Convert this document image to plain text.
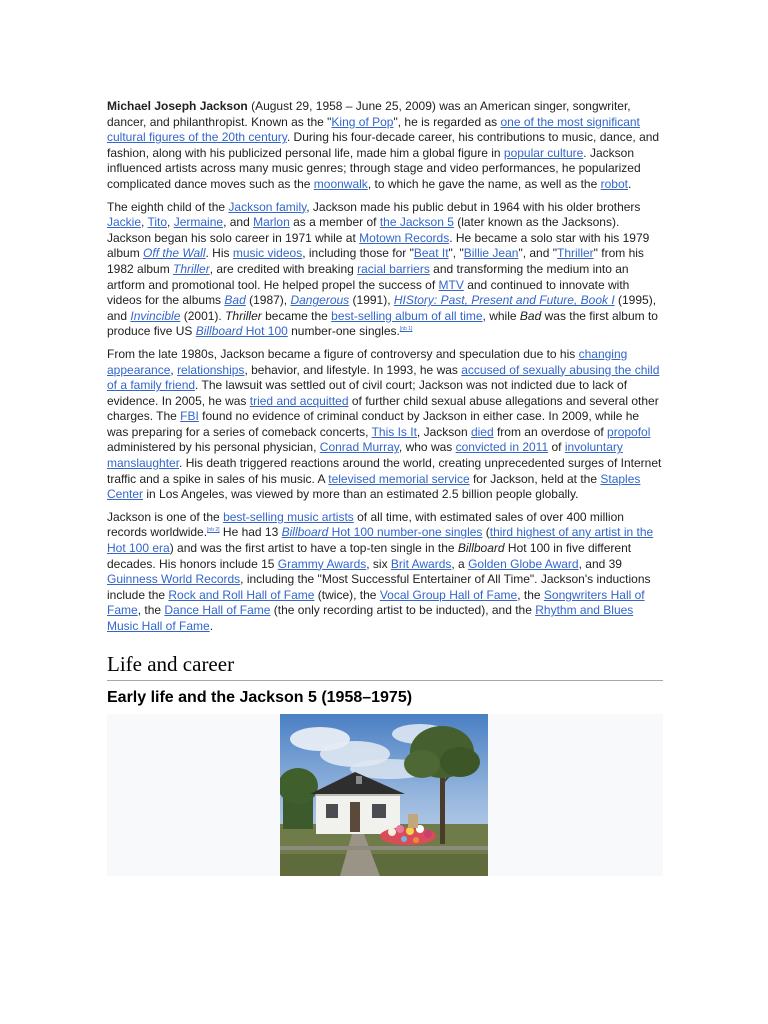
Michael Joseph Jackson (August 29, 1958 – June 25, 2009) was an American singer, songwriter, dancer, and philanthropist. Known as the "King of Pop", he is regarded as one of the most significant cultural figures of the 20th century. During his four-decade career, his contributions to music, dance, and fashion, along with his publicized personal life, made him a global figure in popular culture. Jackson influenced artists across many music genres; through stage and video performances, he popularized complicated dance moves such as the moonwalk, to which he gave the name, as well as the robot.

The eighth child of the Jackson family, Jackson made his public debut in 1964 with his older brothers Jackie, Tito, Jermaine, and Marlon as a member of the Jackson 5 (later known as the Jacksons). Jackson began his solo career in 1971 while at Motown Records. He became a solo star with his 1979 album Off the Wall. His music videos, including those for "Beat It", "Billie Jean", and "Thriller" from his 1982 album Thriller, are credited with breaking racial barriers and transforming the medium into an artform and promotional tool. He helped propel the success of MTV and continued to innovate with videos for the albums Bad (1987), Dangerous (1991), HIStory: Past, Present and Future, Book I (1995), and Invincible (2001). Thriller became the best-selling album of all time, while Bad was the first album to produce five US Billboard Hot 100 number-one singles.[nb 1]

From the late 1980s, Jackson became a figure of controversy and speculation due to his changing appearance, relationships, behavior, and lifestyle. In 1993, he was accused of sexually abusing the child of a family friend. The lawsuit was settled out of civil court; Jackson was not indicted due to lack of evidence. In 2005, he was tried and acquitted of further child sexual abuse allegations and several other charges. The FBI found no evidence of criminal conduct by Jackson in either case. In 2009, while he was preparing for a series of comeback concerts, This Is It, Jackson died from an overdose of propofol administered by his personal physician, Conrad Murray, who was convicted in 2011 of involuntary manslaughter. His death triggered reactions around the world, creating unprecedented surges of Internet traffic and a spike in sales of his music. A televised memorial service for Jackson, held at the Staples Center in Los Angeles, was viewed by more than an estimated 2.5 billion people globally.

Jackson is one of the best-selling music artists of all time, with estimated sales of over 400 million records worldwide.[nb 2] He had 13 Billboard Hot 100 number-one singles (third highest of any artist in the Hot 100 era) and was the first artist to have a top-ten single in the Billboard Hot 100 in five different decades. His honors include 15 Grammy Awards, six Brit Awards, a Golden Globe Award, and 39 Guinness World Records, including the "Most Successful Entertainer of All Time". Jackson's inductions include the Rock and Roll Hall of Fame (twice), the Vocal Group Hall of Fame, the Songwriters Hall of Fame, the Dance Hall of Fame (the only recording artist to be inducted), and the Rhythm and Blues Music Hall of Fame.

Life and career
Early life and the Jackson 5 (1958–1975)
